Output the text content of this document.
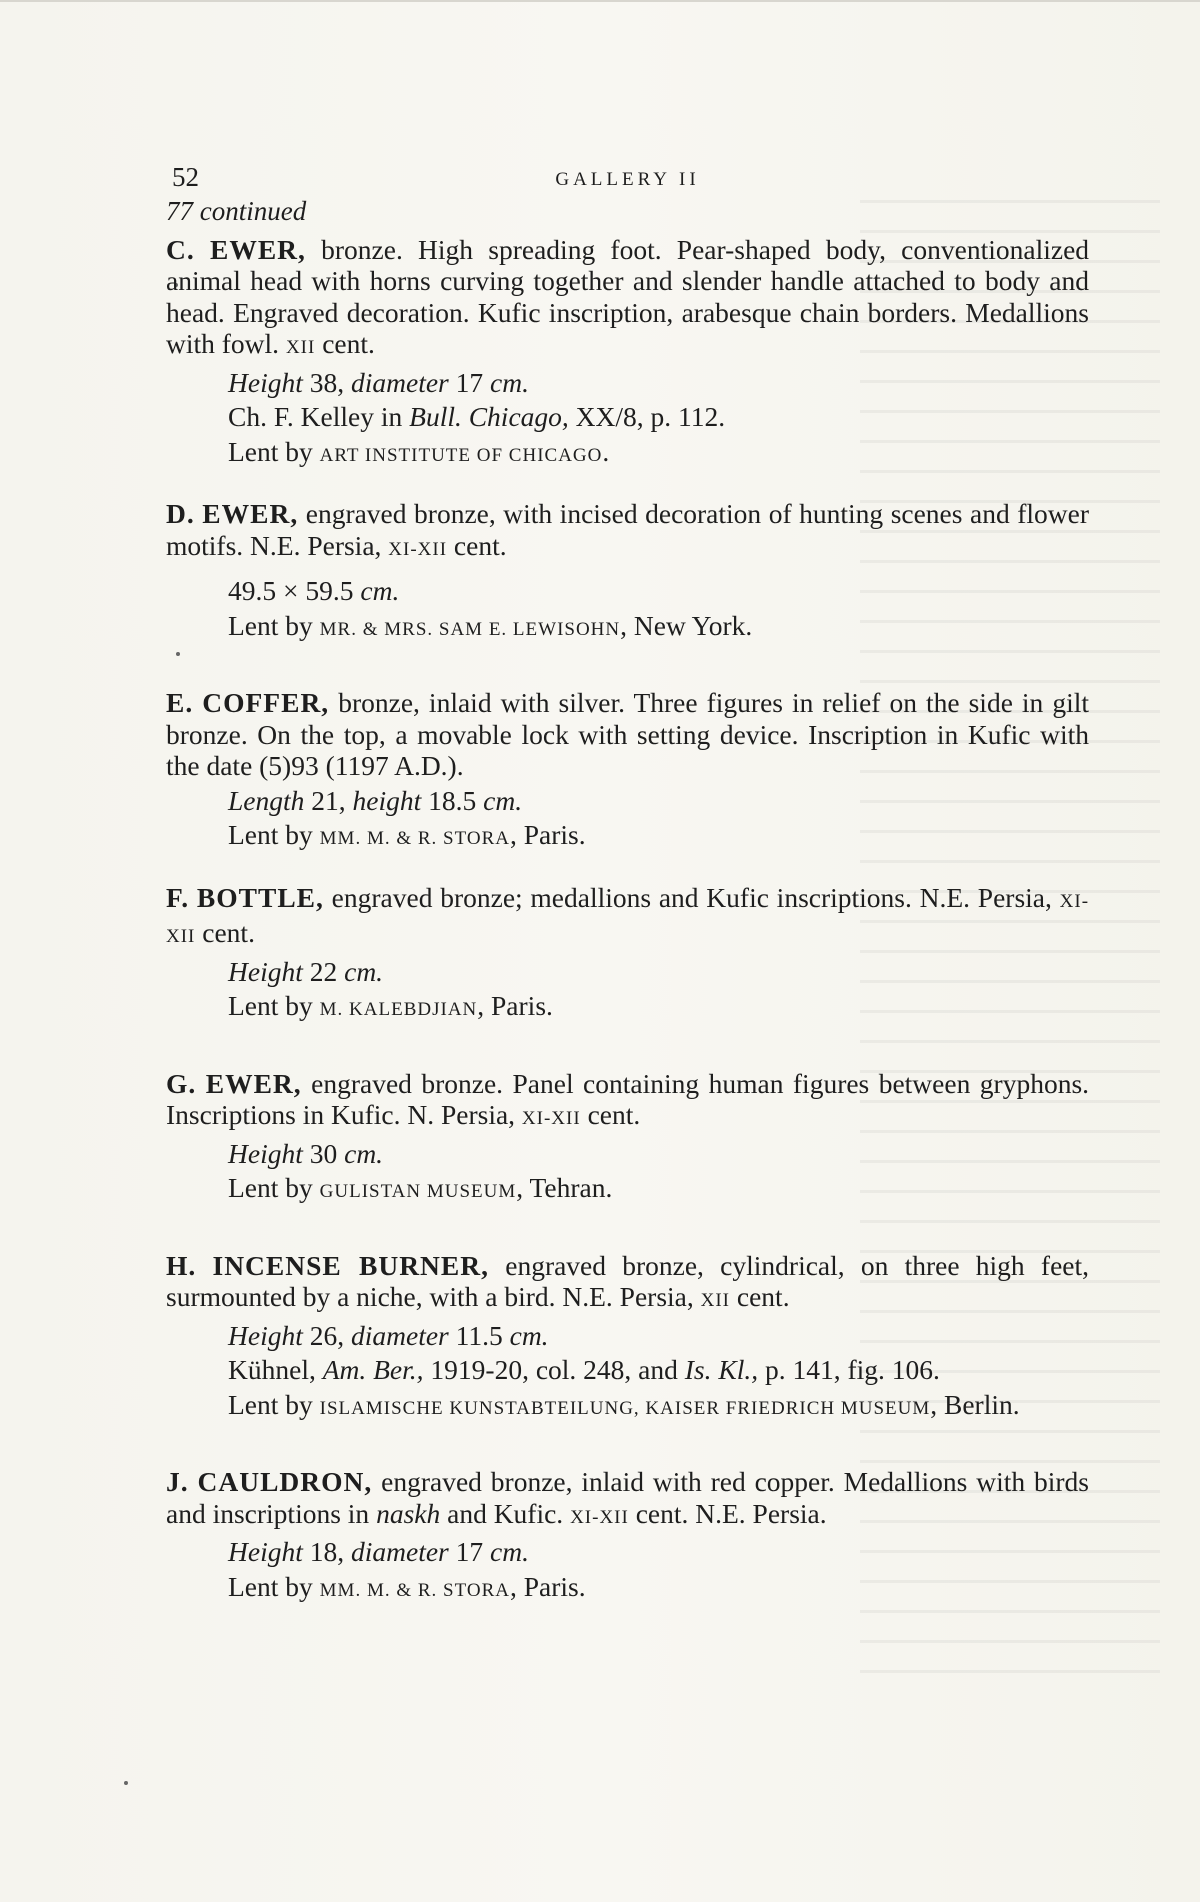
52	GALLERY II
77 continued
C. EWER, bronze. High spreading foot. Pear-shaped body, conventionalized animal head with horns curving together and slender handle attached to body and head. Engraved decoration. Kufic inscription, arabesque chain borders. Medallions with fowl. XII cent.
Height 38, diameter 17 cm.
Ch. F. Kelley in Bull. Chicago, XX/8, p. 112.
Lent by ART INSTITUTE OF CHICAGO.
D. EWER, engraved bronze, with incised decoration of hunting scenes and flower motifs. N.E. Persia, XI-XII cent.
49.5 × 59.5 cm.
Lent by MR. & MRS. SAM E. LEWISOHN, New York.
E. COFFER, bronze, inlaid with silver. Three figures in relief on the side in gilt bronze. On the top, a movable lock with setting device. Inscription in Kufic with the date (5)93 (1197 A.D.).
Length 21, height 18.5 cm.
Lent by MM. M. & R. STORA, Paris.
F. BOTTLE, engraved bronze; medallions and Kufic inscriptions. N.E. Persia, XI-XII cent.
Height 22 cm.
Lent by M. KALEBDJIAN, Paris.
G. EWER, engraved bronze. Panel containing human figures between gryphons. Inscriptions in Kufic. N. Persia, XI-XII cent.
Height 30 cm.
Lent by GULISTAN MUSEUM, Tehran.
H. INCENSE BURNER, engraved bronze, cylindrical, on three high feet, surmounted by a niche, with a bird. N.E. Persia, XII cent.
Height 26, diameter 11.5 cm.
Kühnel, Am. Ber., 1919-20, col. 248, and Is. Kl., p. 141, fig. 106.
Lent by ISLAMISCHE KUNSTABTEILUNG, KAISER FRIEDRICH MUSEUM, Berlin.
J. CAULDRON, engraved bronze, inlaid with red copper. Medallions with birds and inscriptions in naskh and Kufic. XI-XII cent. N.E. Persia.
Height 18, diameter 17 cm.
Lent by MM. M. & R. STORA, Paris.
